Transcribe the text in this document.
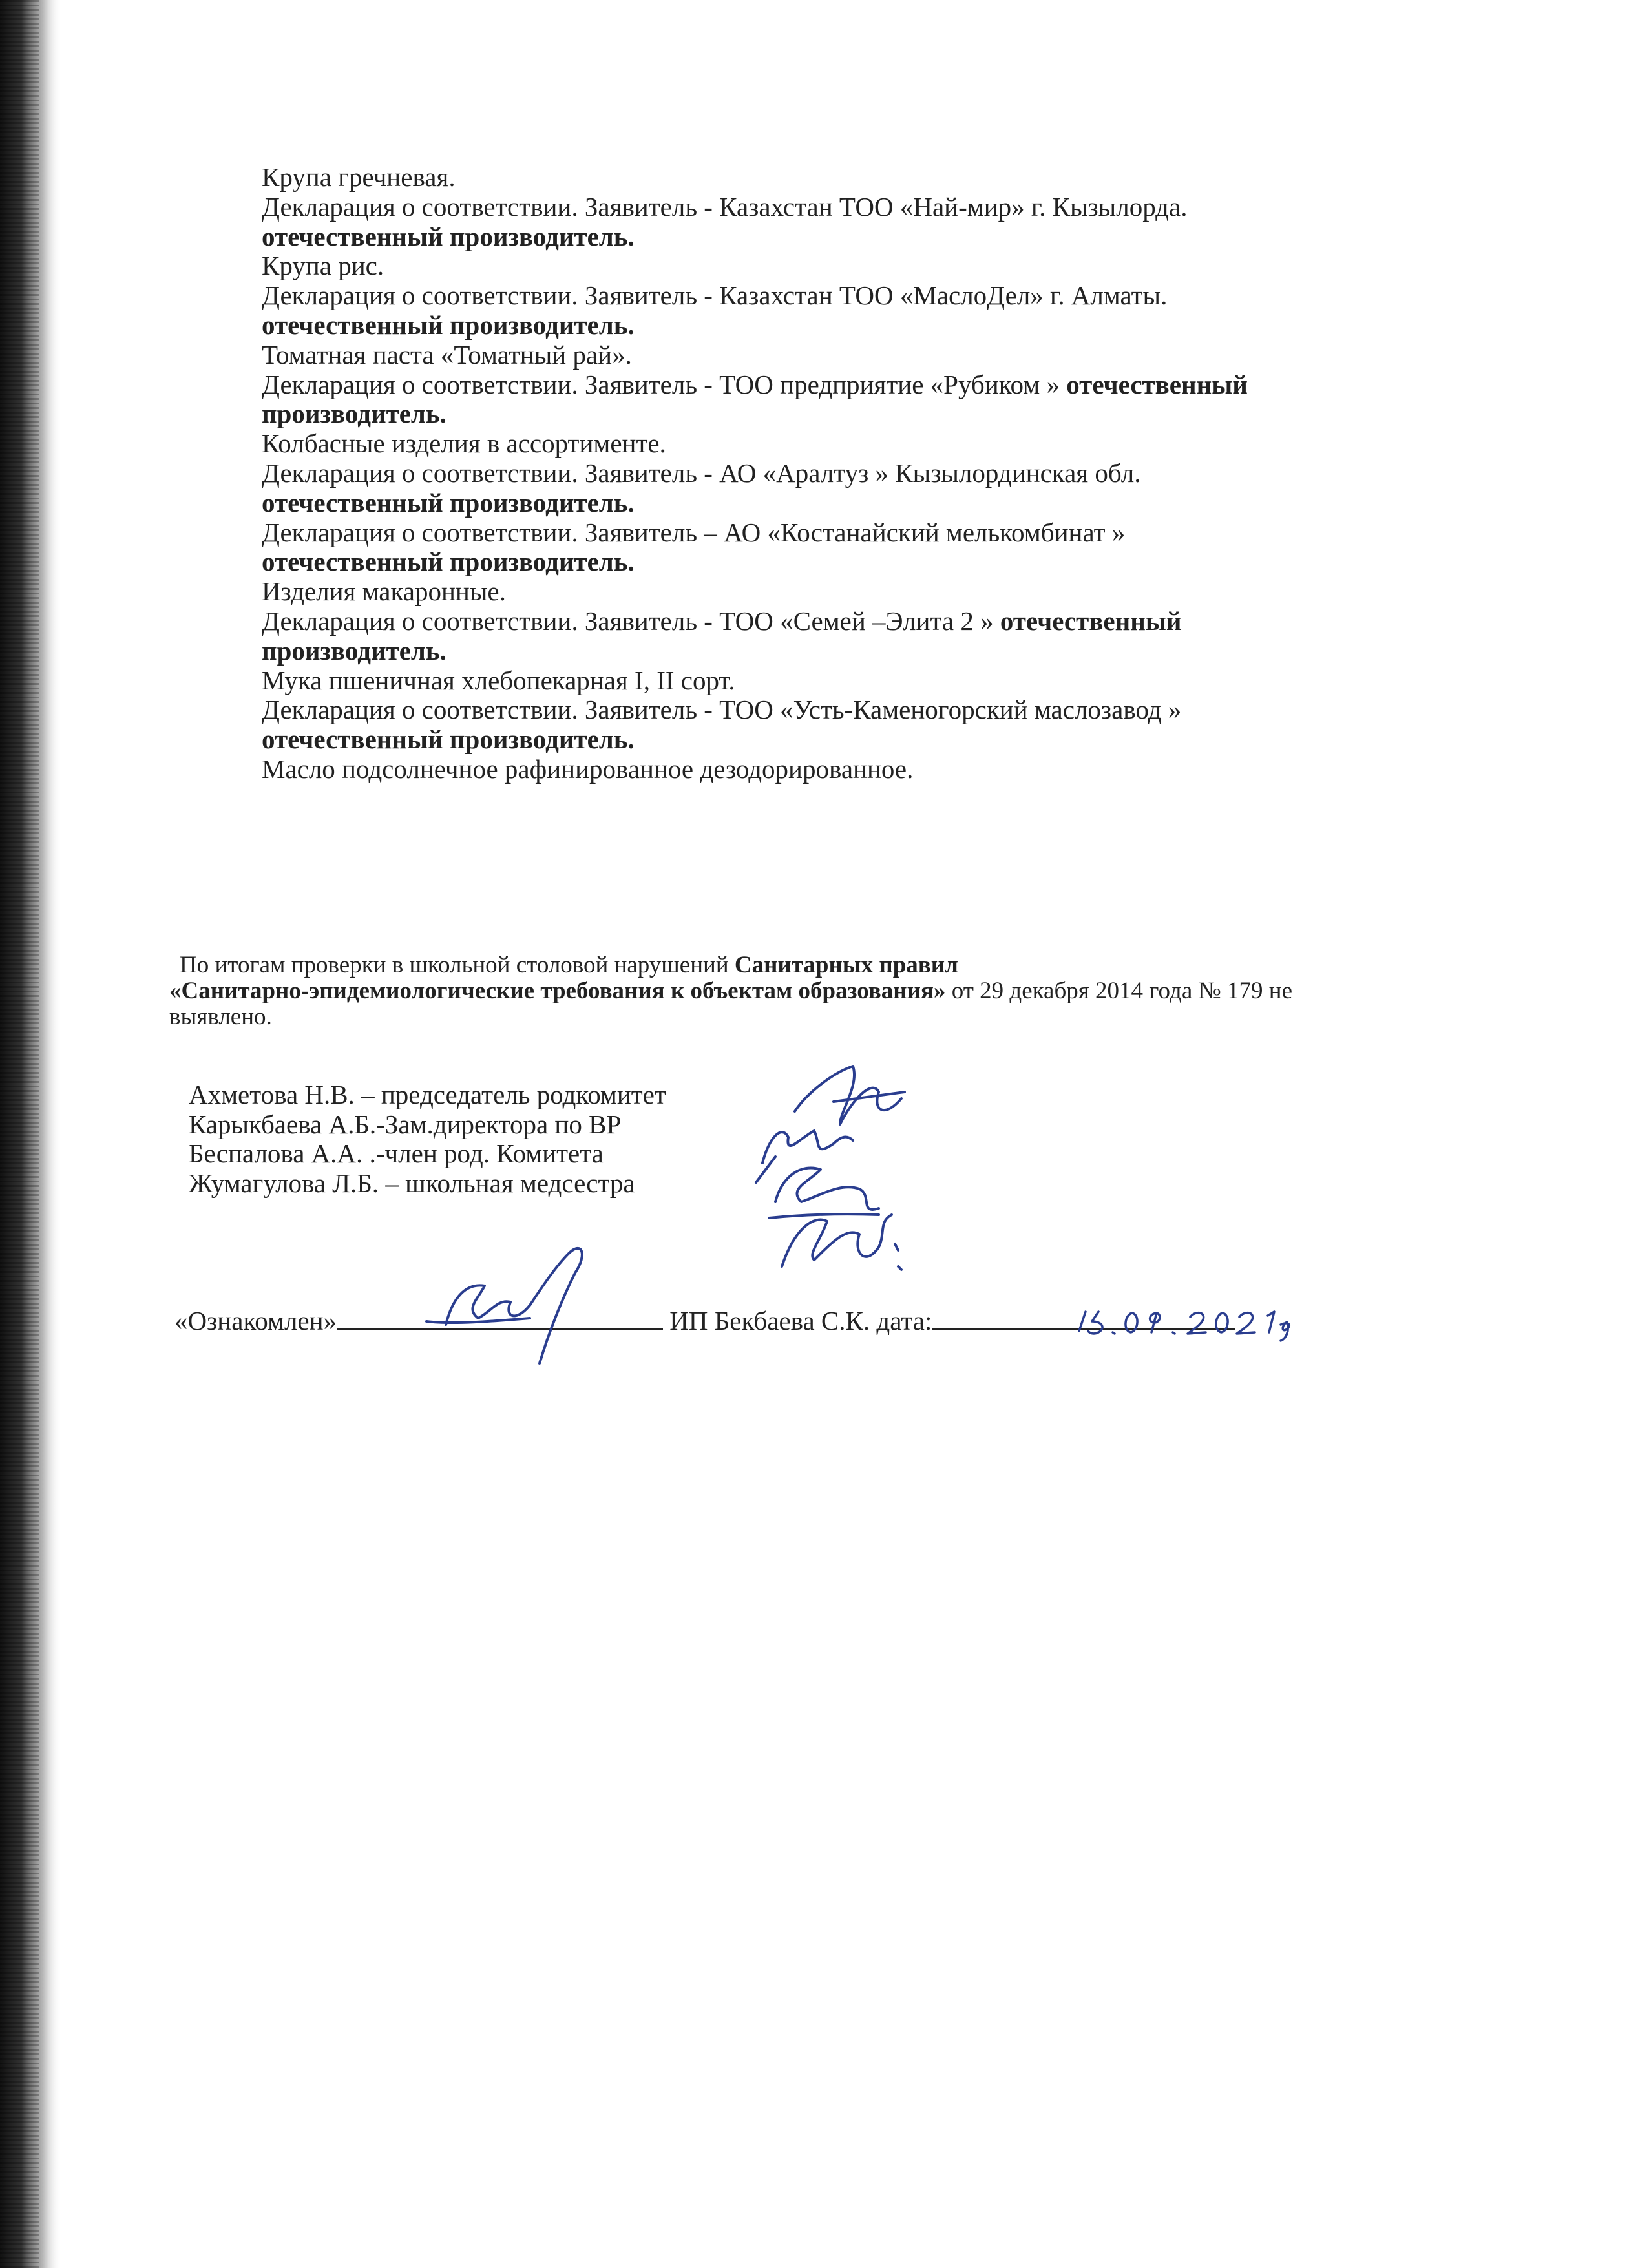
Крупа гречневая.
Декларация о соответствии. Заявитель - Казахстан ТОО «Най-мир» г. Кызылорда.
отечественный производитель.
Крупа рис.
Декларация о соответствии. Заявитель - Казахстан ТОО «МаслоДел» г. Алматы.
отечественный производитель.
Томатная паста «Томатный рай».
Декларация о соответствии. Заявитель - ТОО предприятие «Рубиком » отечественный
производитель.
Колбасные изделия в ассортименте.
Декларация о соответствии. Заявитель - АО «Аралтуз » Кызылординская обл.
отечественный производитель.
Декларация о соответствии. Заявитель – АО «Костанайский мелькомбинат »
отечественный производитель.
Изделия макаронные.
Декларация о соответствии. Заявитель - ТОО «Семей –Элита 2 » отечественный
производитель.
Мука пшеничная хлебопекарная I, II сорт.
Декларация о соответствии. Заявитель - ТОО «Усть-Каменогорский маслозавод »
отечественный производитель.
Масло подсолнечное рафинированное дезодорированное.
По итогам проверки в школьной столовой нарушений Санитарных правил
«Санитарно-эпидемиологические требования к объектам образования» от 29 декабря 2014 года № 179 не
выявлено.
Ахметова Н.В. – председатель родкомитет
Карыкбаева А.Б.-Зам.директора по ВР
Беспалова А.А. .-член род. Комитета
Жумагулова Л.Б. – школьная медсестра
«Ознакомлен»	ИП Бекбаева С.К. дата:
